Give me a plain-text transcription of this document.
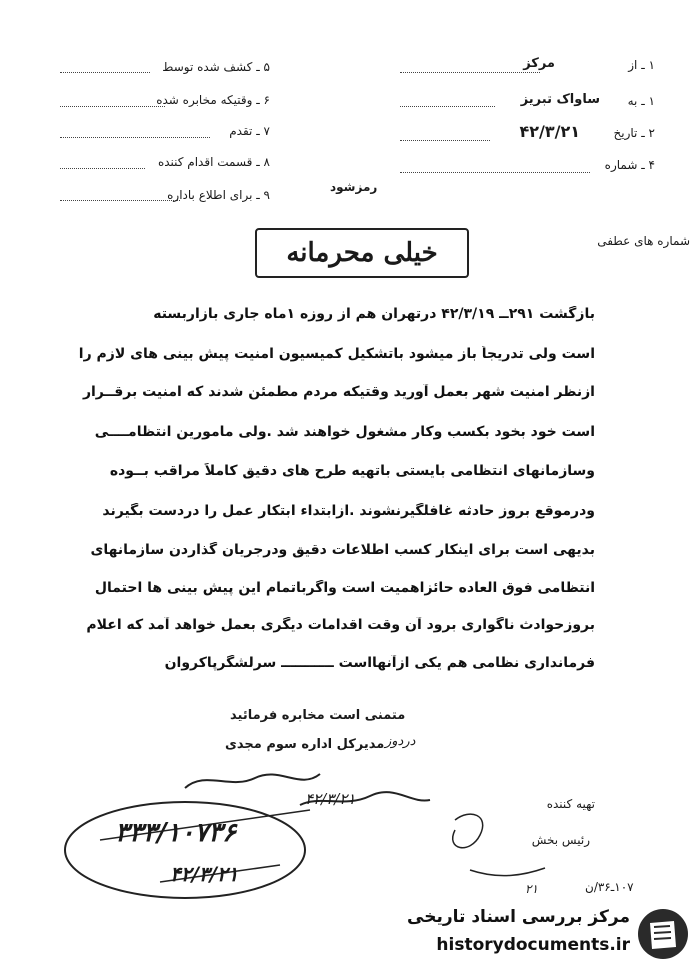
۱ ـ از
مرکز
۱ ـ به
ساواک تبریز
۲ ـ تاریخ
۴۲/۳/۲۱
۴ ـ شماره
۵ ـ کشف شده توسط
۶ ـ وقتیکه مخابره شده
۷ ـ تقدم
۸ ـ قسمت اقدام کننده
۹ ـ برای اطلاع باداره
رمزشود
شماره های عطفی
خیلی محرمانه
بازگشت ۲۹۱ــ ۴۲/۳/۱۹ درتهران هم از روزه ۱ماه جاری بازاربسته
است ولی تدریجاً باز میشود باتشکیل کمیسیون امنیت پیش بینی های لازم را
ازنظر امنیت شهر بعمل آورید وقتیکه مردم مطمئن شدند که امنیت برقــرار
است خود بخود بکسب وکار مشغول خواهند شد .ولی مامورین انتظامــــی
وسازمانهای انتظامی بایستی باتهیه طرح های دقیق کاملاً مراقب بــوده
ودرموقع بروز حادثه غافلگیرنشوند .ازابتداء ابتکار عمل را دردست بگیرند
بدیهی است برای اینکار کسب اطلاعات دقیق ودرجریان گذاردن سازمانهای
انتظامی فوق العاده حائزاهمیت است واگرباتمام این پیش بینی ها احتمال
بروزحوادث ناگواری برود آن وقت اقدامات دیگری بعمل خواهد آمد که اعلام
فرمانداری نظامی هم یکی ازآنهااست ـــــــــــ سرلشگرپاکروان
متمنی است مخابره فرمائید
دردوز
مدیرکل اداره سوم مجدی
۳۳۳/۱۰۷۳۶
۴۲/۳/۲۱
۴۲/۳/۲۱	تهیه کننده
رئیس بخش
۲۱	۱۰۷ـ۳۶/ن
مرکز بررسی اسناد تاریخی
historydocuments.ir
